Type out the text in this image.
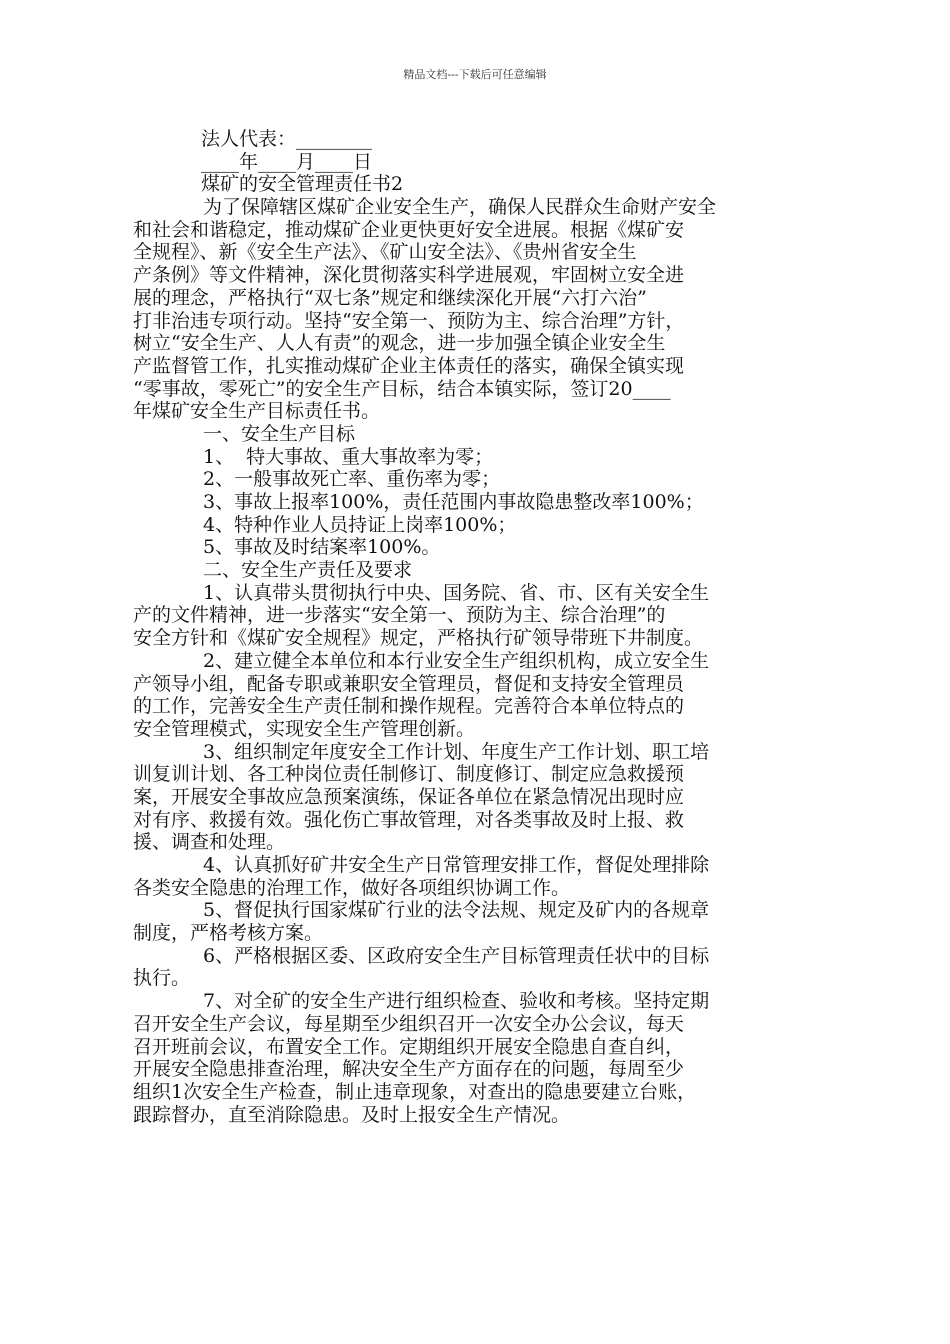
精品文档---下载后可任意编辑
法人代表：________
____年____月____日
煤矿的安全管理责任书2
为了保障辖区煤矿企业安全生产，确保人民群众生命财产安全
和社会和谐稳定，推动煤矿企业更快更好安全进展。根据《煤矿安
全规程》、新《安全生产法》、《矿山安全法》、《贵州省安全生
产条例》等文件精神，深化贯彻落实科学进展观，牢固树立安全进
展的理念，严格执行“双七条”规定和继续深化开展“六打六治”
打非治违专项行动。坚持“安全第一、预防为主、综合治理”方针，
树立“安全生产、人人有责”的观念，进一步加强全镇企业安全生
产监督管工作，扎实推动煤矿企业主体责任的落实，确保全镇实现
“零事故，零死亡”的安全生产目标，结合本镇实际，签订20____
年煤矿安全生产目标责任书。
一、安全生产目标
1、  特大事故、重大事故率为零；
2、一般事故死亡率、重伤率为零；
3、事故上报率100%，责任范围内事故隐患整改率100%；
4、特种作业人员持证上岗率100%；
5、事故及时结案率100%。
二、安全生产责任及要求
1、认真带头贯彻执行中央、国务院、省、市、区有关安全生
产的文件精神，进一步落实“安全第一、预防为主、综合治理”的
安全方针和《煤矿安全规程》规定，严格执行矿领导带班下井制度。
2、建立健全本单位和本行业安全生产组织机构，成立安全生
产领导小组，配备专职或兼职安全管理员，督促和支持安全管理员
的工作，完善安全生产责任制和操作规程。完善符合本单位特点的
安全管理模式，实现安全生产管理创新。
3、组织制定年度安全工作计划、年度生产工作计划、职工培
训复训计划、各工种岗位责任制修订、制度修订、制定应急救援预
案，开展安全事故应急预案演练，保证各单位在紧急情况出现时应
对有序、救援有效。强化伤亡事故管理，对各类事故及时上报、救
援、调查和处理。
4、认真抓好矿井安全生产日常管理安排工作，督促处理排除
各类安全隐患的治理工作，做好各项组织协调工作。
5、督促执行国家煤矿行业的法令法规、规定及矿内的各规章
制度，严格考核方案。
6、严格根据区委、区政府安全生产目标管理责任状中的目标
执行。
7、对全矿的安全生产进行组织检查、验收和考核。坚持定期
召开安全生产会议，每星期至少组织召开一次安全办公会议，每天
召开班前会议，布置安全工作。定期组织开展安全隐患自查自纠，
开展安全隐患排查治理，解决安全生产方面存在的问题，每周至少
组织1次安全生产检查，制止违章现象，对查出的隐患要建立台账，
跟踪督办，直至消除隐患。及时上报安全生产情况。
